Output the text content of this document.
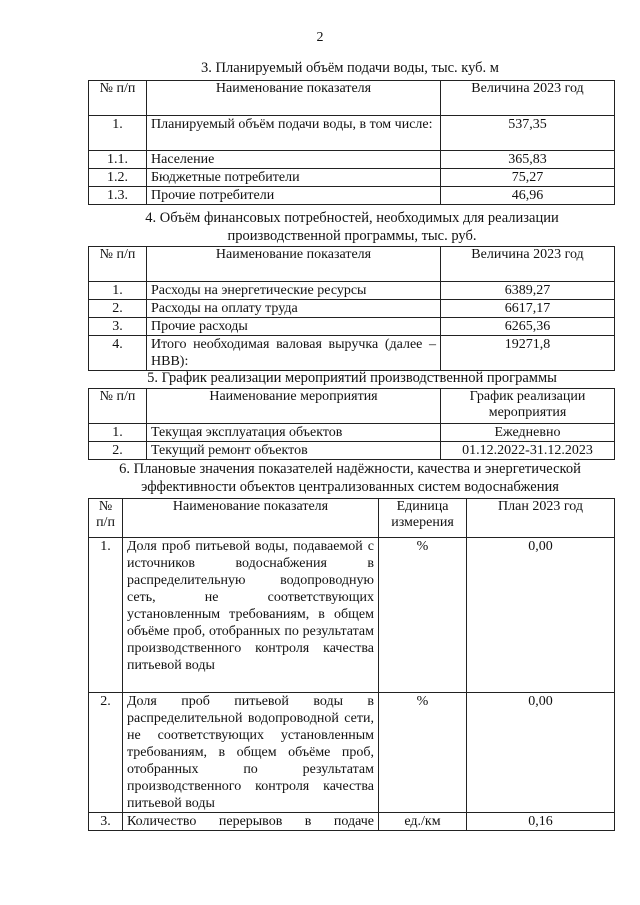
2
3. Планируемый объём подачи воды, тыс. куб. м
№ п/п	Наименование показателя	Величина 2023 год
1.	Планируемый объём подачи воды, в том числе:	537,35
1.1.	Население	365,83
1.2.	Бюджетные потребители	75,27
1.3.	Прочие потребители	46,96
4. Объём финансовых потребностей, необходимых для реализации
производственной программы, тыс. руб.
№ п/п	Наименование показателя	Величина 2023 год
1.	Расходы на энергетические ресурсы	6389,27
2.	Расходы на оплату труда	6617,17
3.	Прочие расходы	6265,36
4.	Итого необходимая валовая выручка (далее – НВВ):	19271,8
5. График реализации мероприятий производственной программы
№ п/п	Наименование мероприятия	График реализации мероприятия
1.	Текущая эксплуатация объектов	Ежедневно
2.	Текущий ремонт объектов	01.12.2022-31.12.2023
6. Плановые значения показателей надёжности, качества и энергетической
эффективности объектов централизованных систем водоснабжения
№ п/п	Наименование показателя	Единица измерения	План 2023 год
1.	Доля проб питьевой воды, подаваемой с источников водоснабжения в распределительную водопроводную сеть, не соответствующих установленным требованиям, в общем объёме проб, отобранных по результатам производственного контроля качества питьевой воды	%	0,00
2.	Доля проб питьевой воды в распределительной водопроводной сети, не соответствующих установленным требованиям, в общем объёме проб, отобранных по результатам производственного контроля качества питьевой воды	%	0,00
3.	Количество перерывов в подаче	ед./км	0,16
